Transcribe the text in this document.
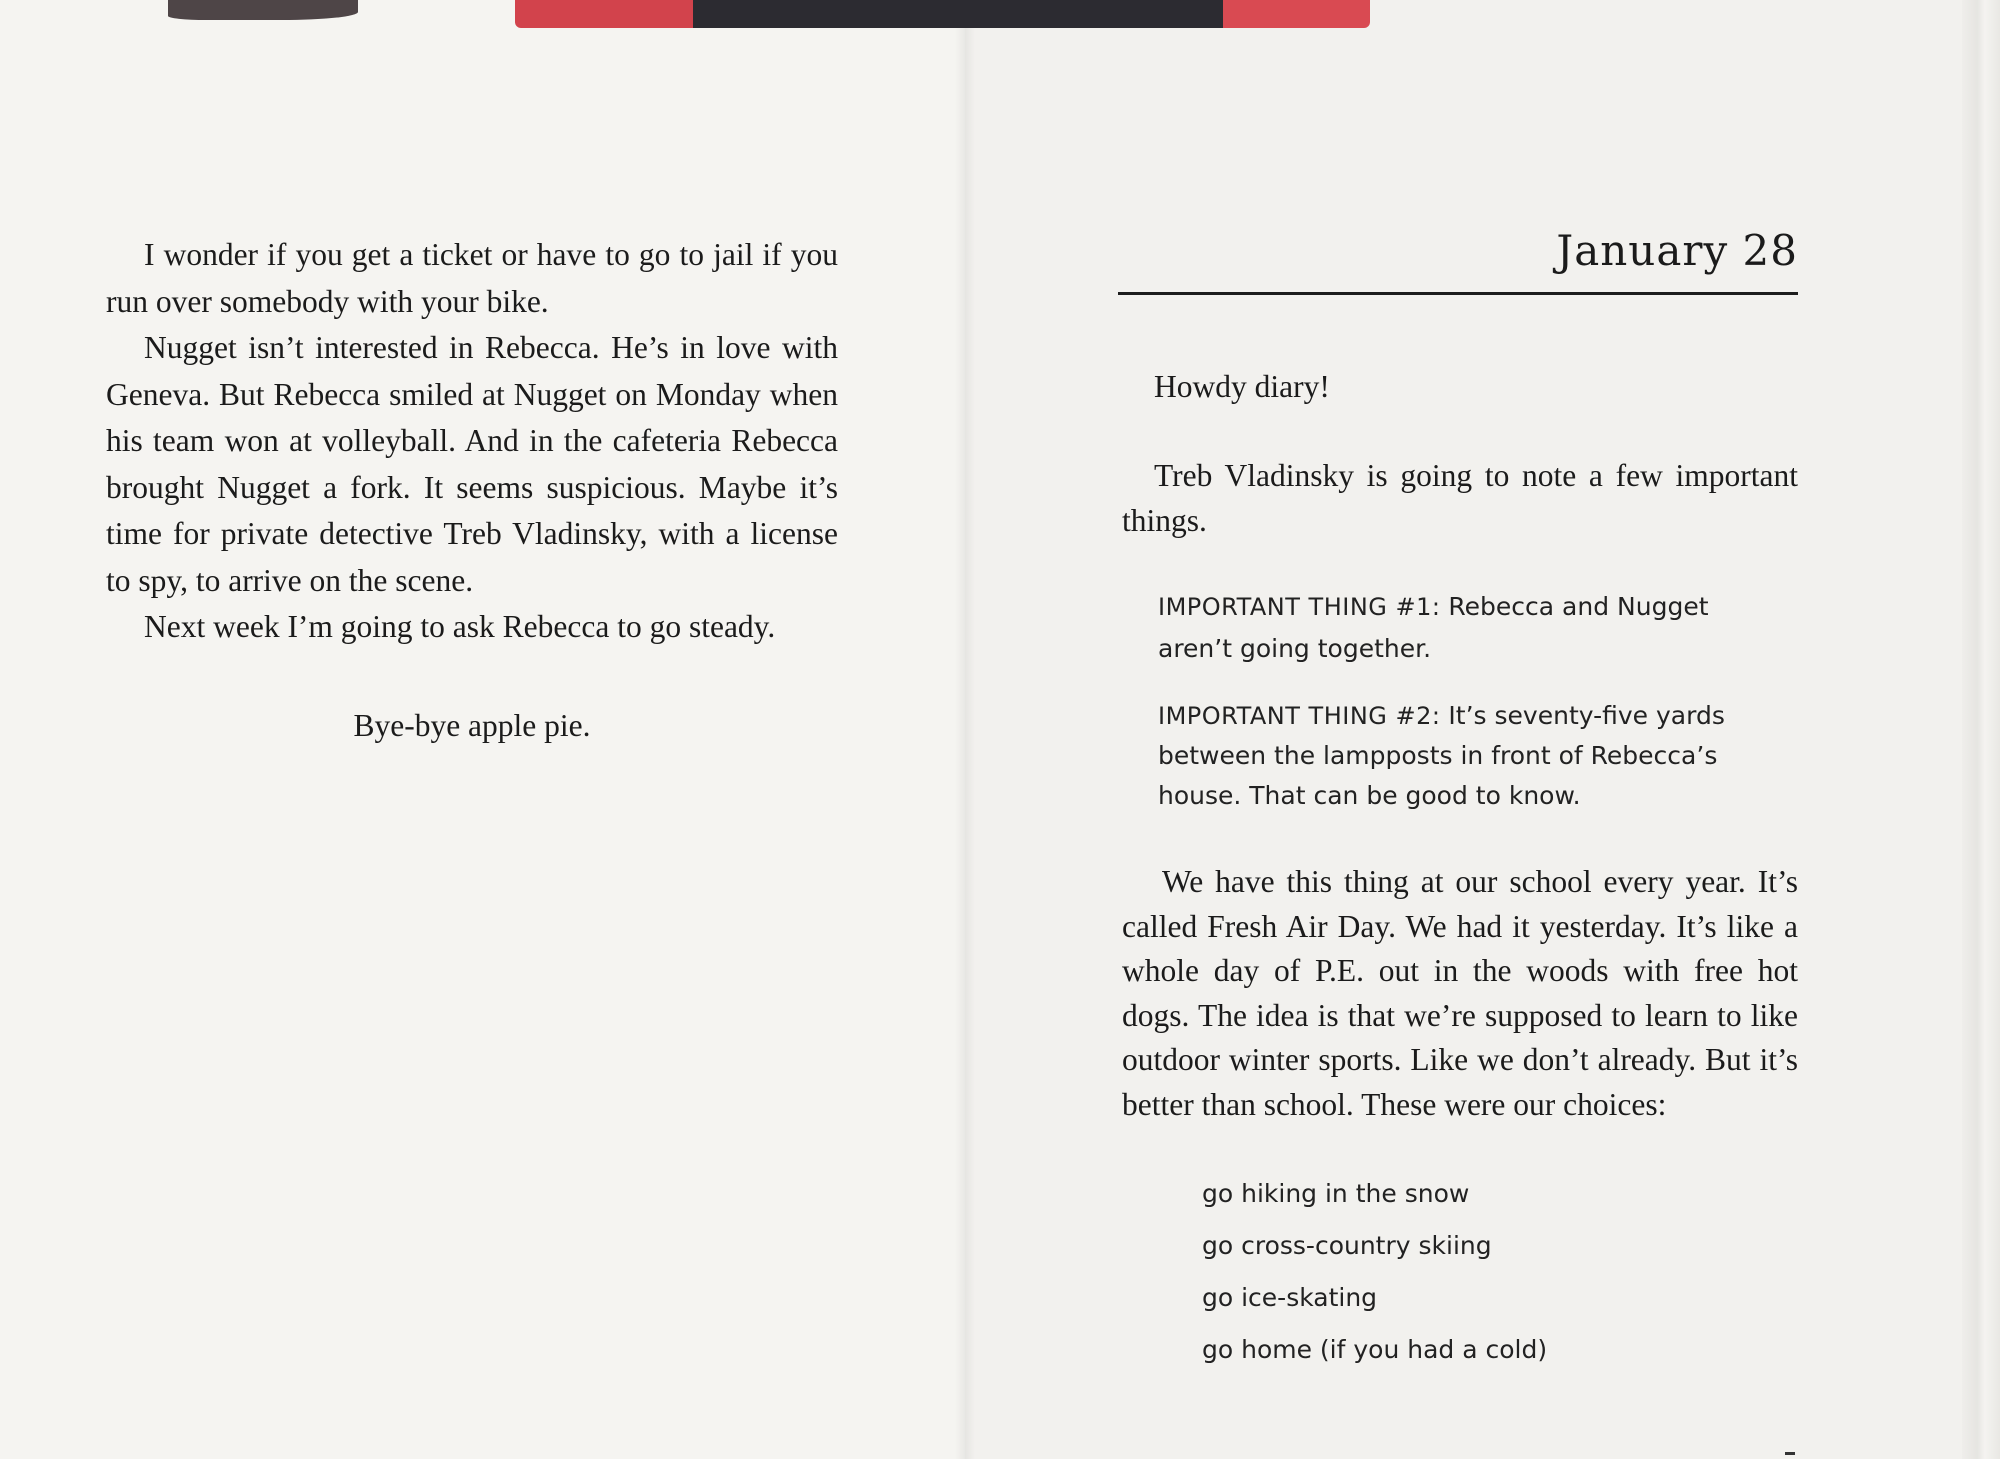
I wonder if you get a ticket or have to go to jail if you run over somebody with your bike.

Nugget isn’t interested in Rebecca. He’s in love with Geneva. But Rebecca smiled at Nugget on Monday when his team won at volleyball. And in the cafeteria Rebecca brought Nugget a fork. It seems suspicious. Maybe it’s time for private detective Treb Vladinsky, with a license to spy, to arrive on the scene.

Next week I’m going to ask Rebecca to go steady.

Bye-bye apple pie.
January 28
Howdy diary!
Treb Vladinsky is going to note a few important things.
IMPORTANT THING #1: Rebecca and Nugget aren’t going together.
IMPORTANT THING #2: It’s seventy-five yards between the lampposts in front of Rebecca’s house. That can be good to know.
We have this thing at our school every year. It’s called Fresh Air Day. We had it yesterday. It’s like a whole day of P.E. out in the woods with free hot dogs. The idea is that we’re supposed to learn to like outdoor winter sports. Like we don’t already. But it’s better than school. These were our choices:
go hiking in the snow
go cross-country skiing
go ice-skating
go home (if you had a cold)
